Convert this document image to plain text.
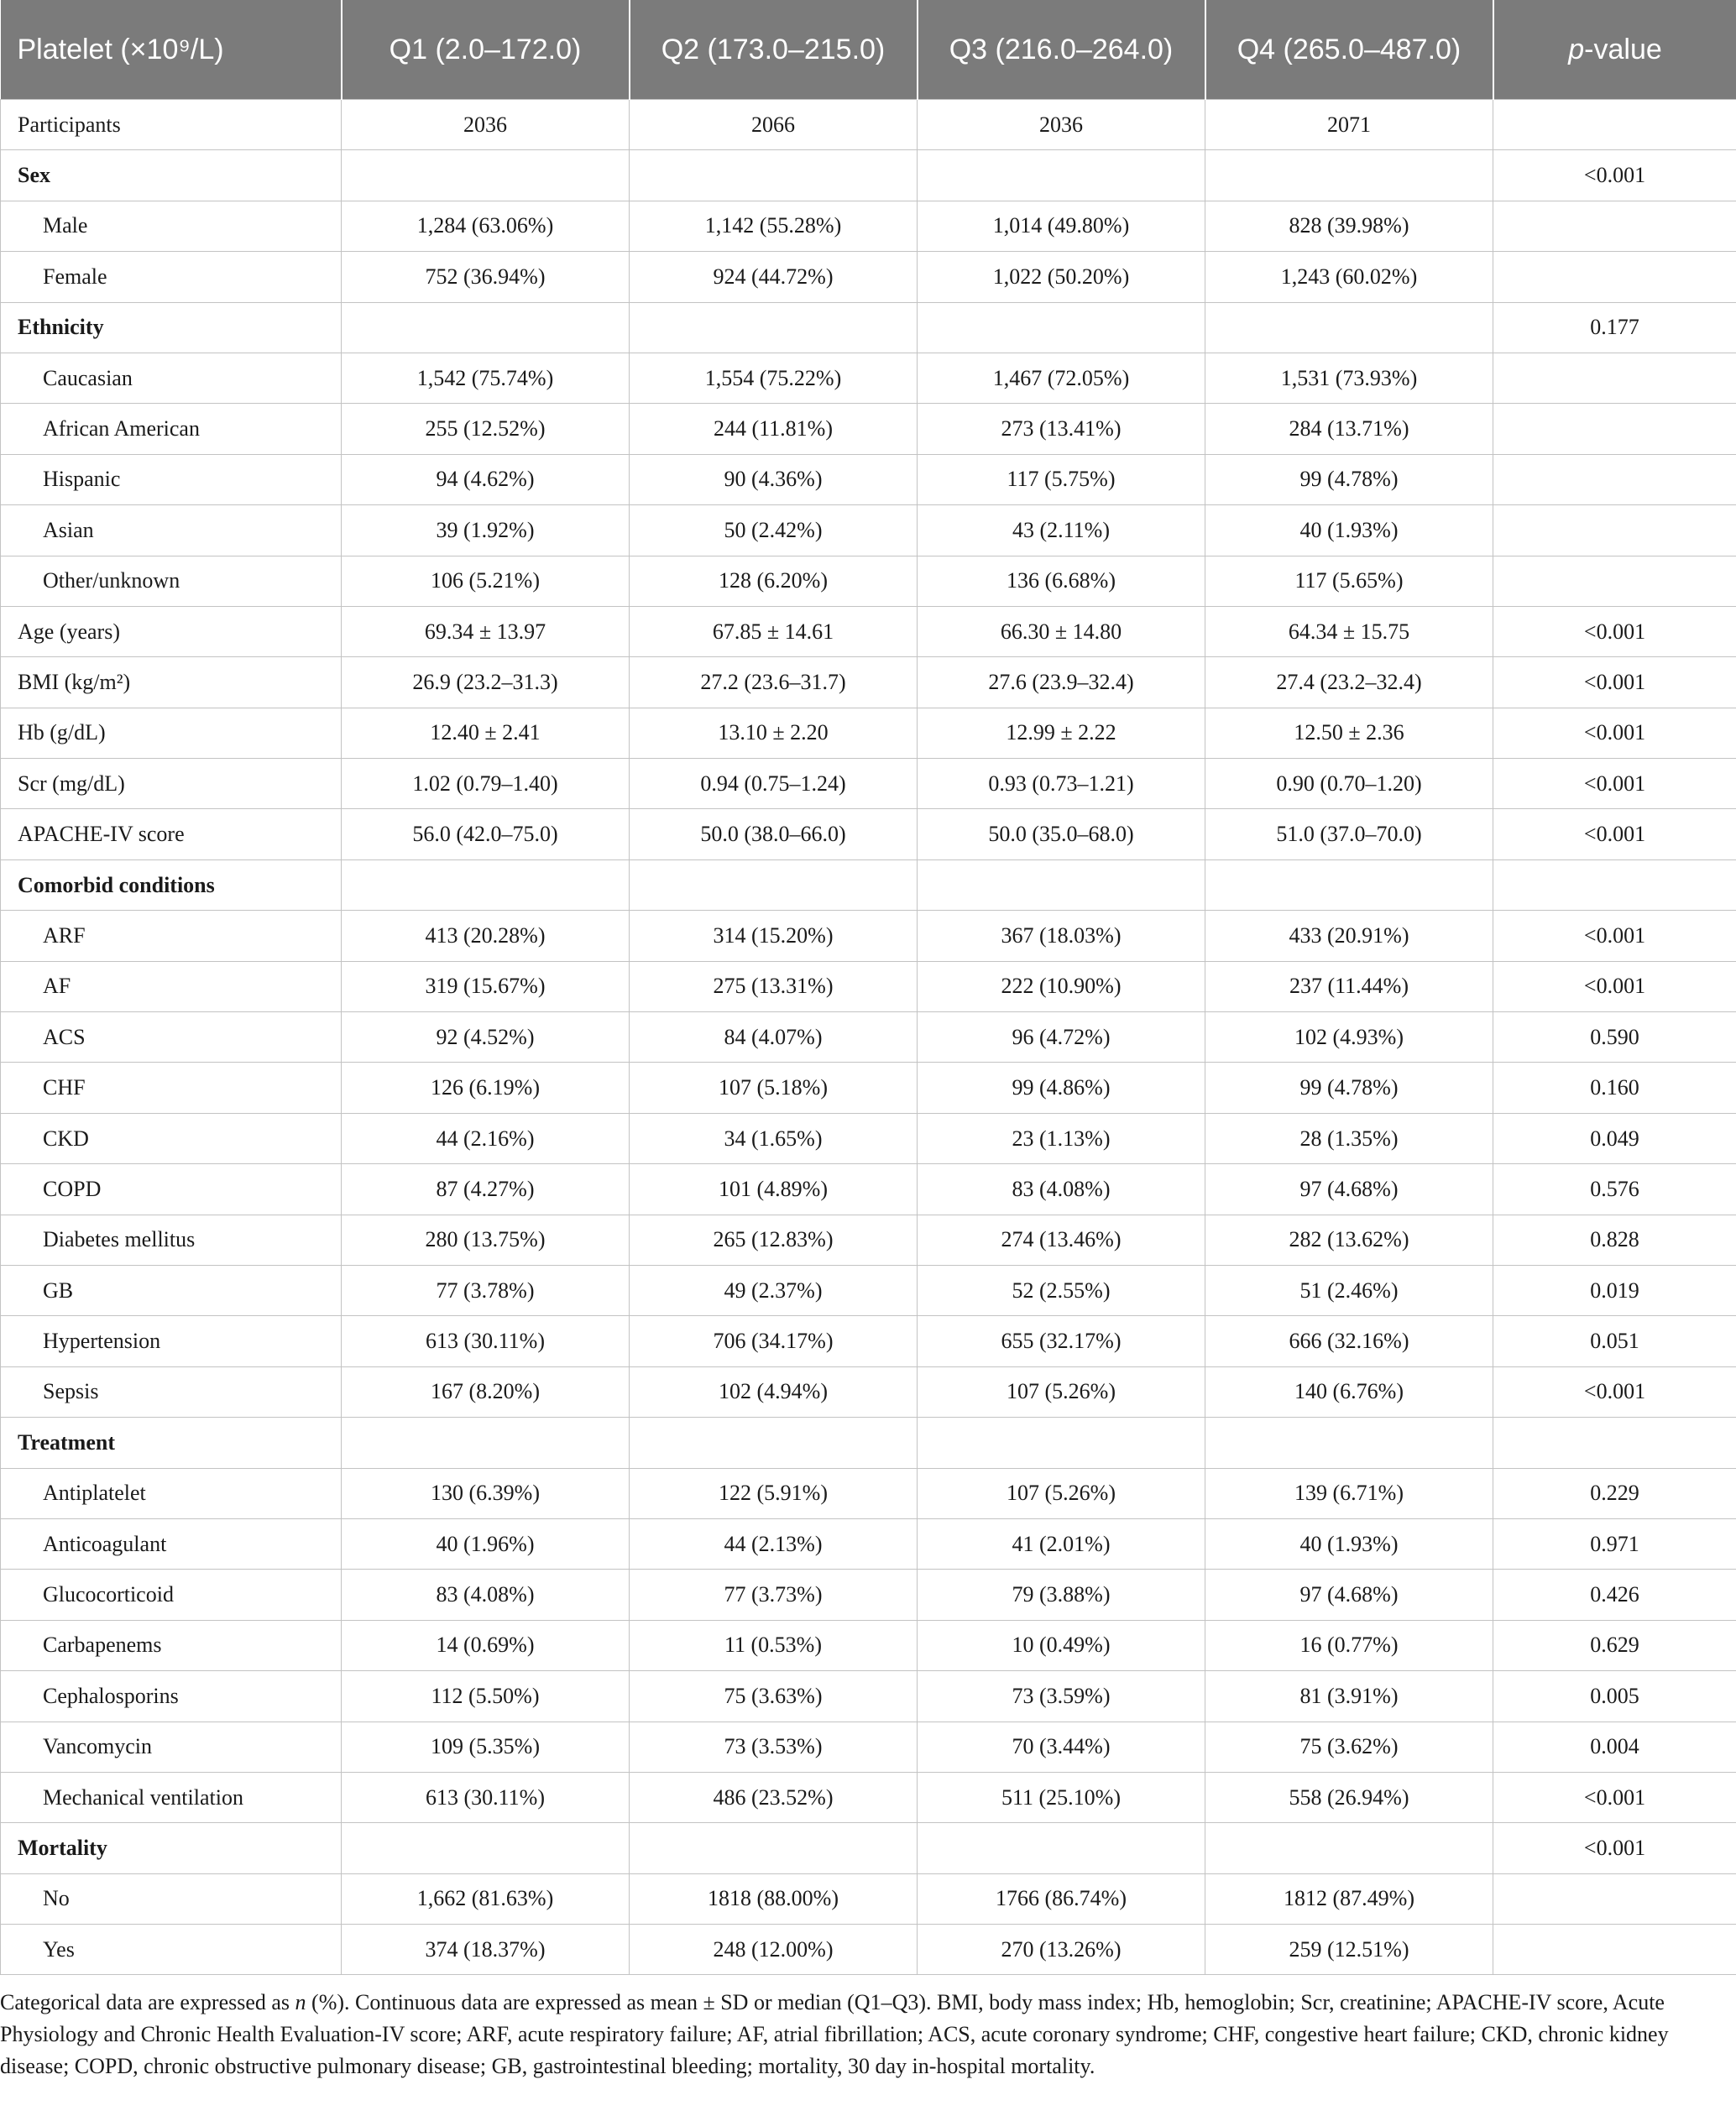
Platelet (×10⁹/L)	Q1 (2.0–172.0)	Q2 (173.0–215.0)	Q3 (216.0–264.0)	Q4 (265.0–487.0)	p-value
Participants	2036	2066	2036	2071	
Sex					<0.001
Male	1,284 (63.06%)	1,142 (55.28%)	1,014 (49.80%)	828 (39.98%)	
Female	752 (36.94%)	924 (44.72%)	1,022 (50.20%)	1,243 (60.02%)	
Ethnicity					0.177
Caucasian	1,542 (75.74%)	1,554 (75.22%)	1,467 (72.05%)	1,531 (73.93%)	
African American	255 (12.52%)	244 (11.81%)	273 (13.41%)	284 (13.71%)	
Hispanic	94 (4.62%)	90 (4.36%)	117 (5.75%)	99 (4.78%)	
Asian	39 (1.92%)	50 (2.42%)	43 (2.11%)	40 (1.93%)	
Other/unknown	106 (5.21%)	128 (6.20%)	136 (6.68%)	117 (5.65%)	
Age (years)	69.34 ± 13.97	67.85 ± 14.61	66.30 ± 14.80	64.34 ± 15.75	<0.001
BMI (kg/m²)	26.9 (23.2–31.3)	27.2 (23.6–31.7)	27.6 (23.9–32.4)	27.4 (23.2–32.4)	<0.001
Hb (g/dL)	12.40 ± 2.41	13.10 ± 2.20	12.99 ± 2.22	12.50 ± 2.36	<0.001
Scr (mg/dL)	1.02 (0.79–1.40)	0.94 (0.75–1.24)	0.93 (0.73–1.21)	0.90 (0.70–1.20)	<0.001
APACHE-IV score	56.0 (42.0–75.0)	50.0 (38.0–66.0)	50.0 (35.0–68.0)	51.0 (37.0–70.0)	<0.001
Comorbid conditions					
ARF	413 (20.28%)	314 (15.20%)	367 (18.03%)	433 (20.91%)	<0.001
AF	319 (15.67%)	275 (13.31%)	222 (10.90%)	237 (11.44%)	<0.001
ACS	92 (4.52%)	84 (4.07%)	96 (4.72%)	102 (4.93%)	0.590
CHF	126 (6.19%)	107 (5.18%)	99 (4.86%)	99 (4.78%)	0.160
CKD	44 (2.16%)	34 (1.65%)	23 (1.13%)	28 (1.35%)	0.049
COPD	87 (4.27%)	101 (4.89%)	83 (4.08%)	97 (4.68%)	0.576
Diabetes mellitus	280 (13.75%)	265 (12.83%)	274 (13.46%)	282 (13.62%)	0.828
GB	77 (3.78%)	49 (2.37%)	52 (2.55%)	51 (2.46%)	0.019
Hypertension	613 (30.11%)	706 (34.17%)	655 (32.17%)	666 (32.16%)	0.051
Sepsis	167 (8.20%)	102 (4.94%)	107 (5.26%)	140 (6.76%)	<0.001
Treatment					
Antiplatelet	130 (6.39%)	122 (5.91%)	107 (5.26%)	139 (6.71%)	0.229
Anticoagulant	40 (1.96%)	44 (2.13%)	41 (2.01%)	40 (1.93%)	0.971
Glucocorticoid	83 (4.08%)	77 (3.73%)	79 (3.88%)	97 (4.68%)	0.426
Carbapenems	14 (0.69%)	11 (0.53%)	10 (0.49%)	16 (0.77%)	0.629
Cephalosporins	112 (5.50%)	75 (3.63%)	73 (3.59%)	81 (3.91%)	0.005
Vancomycin	109 (5.35%)	73 (3.53%)	70 (3.44%)	75 (3.62%)	0.004
Mechanical ventilation	613 (30.11%)	486 (23.52%)	511 (25.10%)	558 (26.94%)	<0.001
Mortality					<0.001
No	1,662 (81.63%)	1818 (88.00%)	1766 (86.74%)	1812 (87.49%)	
Yes	374 (18.37%)	248 (12.00%)	270 (13.26%)	259 (12.51%)	
Categorical data are expressed as n (%). Continuous data are expressed as mean ± SD or median (Q1–Q3). BMI, body mass index; Hb, hemoglobin; Scr, creatinine; APACHE-IV score, Acute Physiology and Chronic Health Evaluation-IV score; ARF, acute respiratory failure; AF, atrial fibrillation; ACS, acute coronary syndrome; CHF, congestive heart failure; CKD, chronic kidney disease; COPD, chronic obstructive pulmonary disease; GB, gastrointestinal bleeding; mortality, 30 day in-hospital mortality.
